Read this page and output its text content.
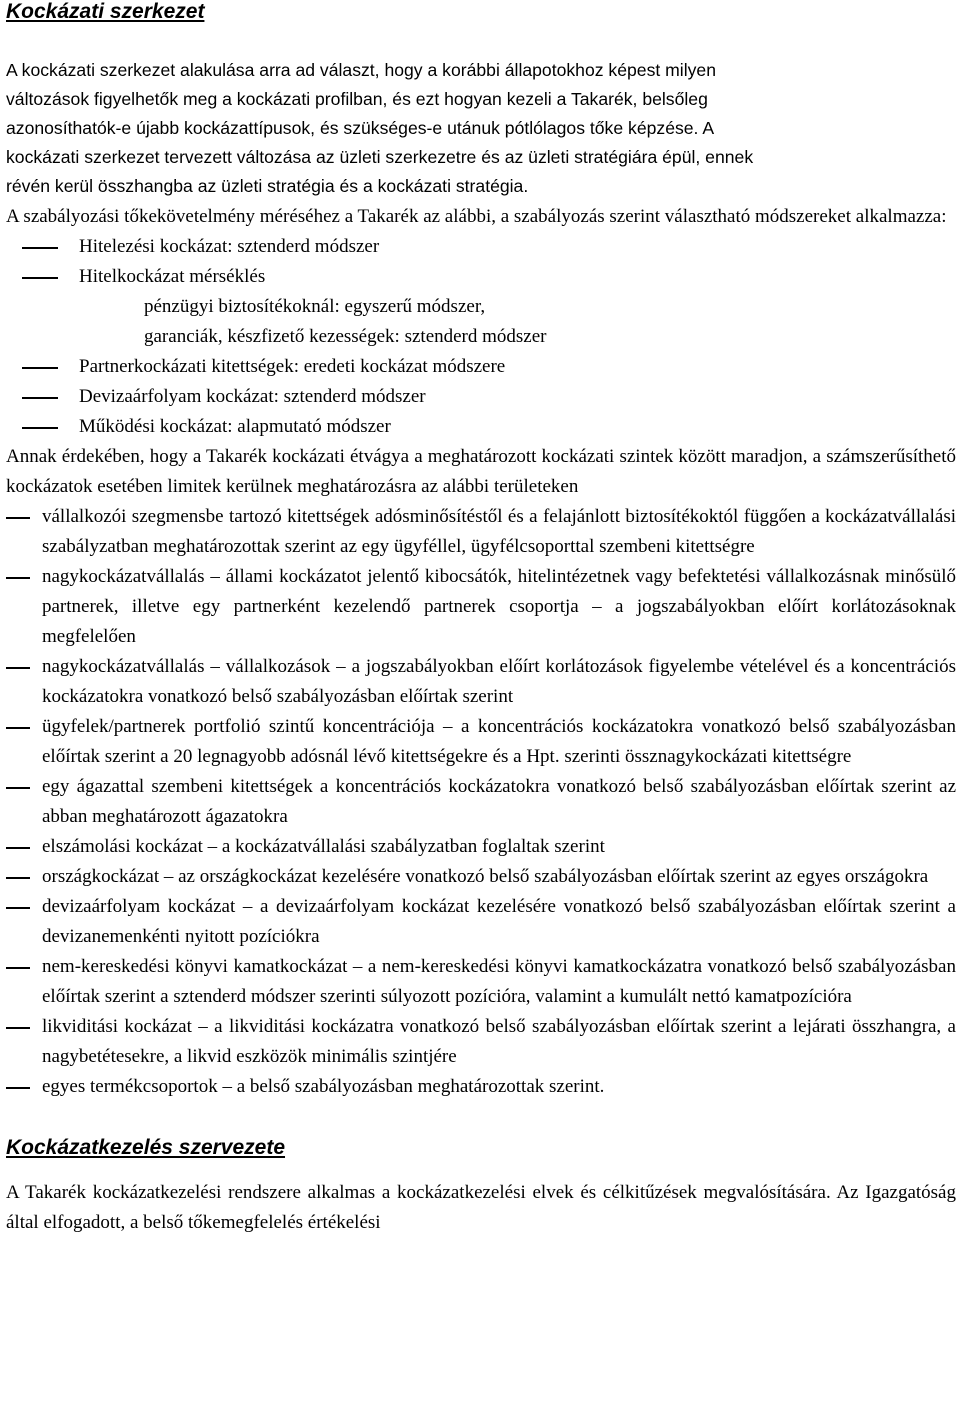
Kockázati szerkezet
A kockázati szerkezet alakulása arra ad választ, hogy a korábbi állapotokhoz képest milyen
változások figyelhetők meg a kockázati profilban, és ezt hogyan kezeli a Takarék, belsőleg
azonosíthatók-e újabb kockázattípusok, és szükséges-e utánuk pótlólagos tőke képzése. A
kockázati szerkezet tervezett változása az üzleti szerkezetre és az üzleti stratégiára épül, ennek
révén kerül összhangba az üzleti stratégia és a kockázati stratégia.

A szabályozási tőkekövetelmény méréséhez a Takarék az alábbi, a szabályozás szerint választható módszereket alkalmazza:

Hitelezési kockázat: sztenderd módszer
Hitelkockázat mérséklés
pénzügyi biztosítékoknál: egyszerű módszer,
garanciák, készfizető kezességek: sztenderd módszer
Partnerkockázati kitettségek: eredeti kockázat módszere
Devizaárfolyam kockázat: sztenderd módszer
Működési kockázat: alapmutató módszer

Annak érdekében, hogy a Takarék kockázati étvágya a meghatározott kockázati szintek között maradjon, a számszerűsíthető kockázatok esetében limitek kerülnek meghatározásra az alábbi területeken

vállalkozói szegmensbe tartozó kitettségek adósminősítéstől és a felajánlott biztosítékoktól függően a kockázatvállalási szabályzatban meghatározottak szerint az egy ügyféllel, ügyfélcsoporttal szembeni kitettségre
nagykockázatvállalás – állami kockázatot jelentő kibocsátók, hitelintézetnek vagy befektetési vállalkozásnak minősülő partnerek, illetve egy partnerként kezelendő partnerek csoportja – a jogszabályokban előírt korlátozásoknak megfelelően
nagykockázatvállalás – vállalkozások – a jogszabályokban előírt korlátozások figyelembe vételével és a koncentrációs kockázatokra vonatkozó belső szabályozásban előírtak szerint
ügyfelek/partnerek portfolió szintű koncentrációja – a koncentrációs kockázatokra vonatkozó belső szabályozásban előírtak szerint a 20 legnagyobb adósnál lévő kitettségekre és a Hpt. szerinti össznagykockázati kitettségre
egy ágazattal szembeni kitettségek a koncentrációs kockázatokra vonatkozó belső szabályozásban előírtak szerint az abban meghatározott ágazatokra
elszámolási kockázat – a kockázatvállalási szabályzatban foglaltak szerint
országkockázat – az országkockázat kezelésére vonatkozó belső szabályozásban előírtak szerint az egyes országokra
devizaárfolyam kockázat – a devizaárfolyam kockázat kezelésére vonatkozó belső szabályozásban előírtak szerint a devizanemenkénti nyitott pozíciókra
nem-kereskedési könyvi kamatkockázat – a nem-kereskedési könyvi kamatkockázatra vonatkozó belső szabályozásban előírtak szerint a sztenderd módszer szerinti súlyozott pozícióra, valamint a kumulált nettó kamatpozícióra
likviditási kockázat – a likviditási kockázatra vonatkozó belső szabályozásban előírtak szerint a lejárati összhangra, a nagybetétesekre, a likvid eszközök minimális szintjére
egyes termékcsoportok – a belső szabályozásban meghatározottak szerint.
Kockázatkezelés szervezete

A Takarék kockázatkezelési rendszere alkalmas a kockázatkezelési elvek és célkitűzések megvalósítására. Az Igazgatóság által elfogadott, a belső tőkemegfelelés értékelési
